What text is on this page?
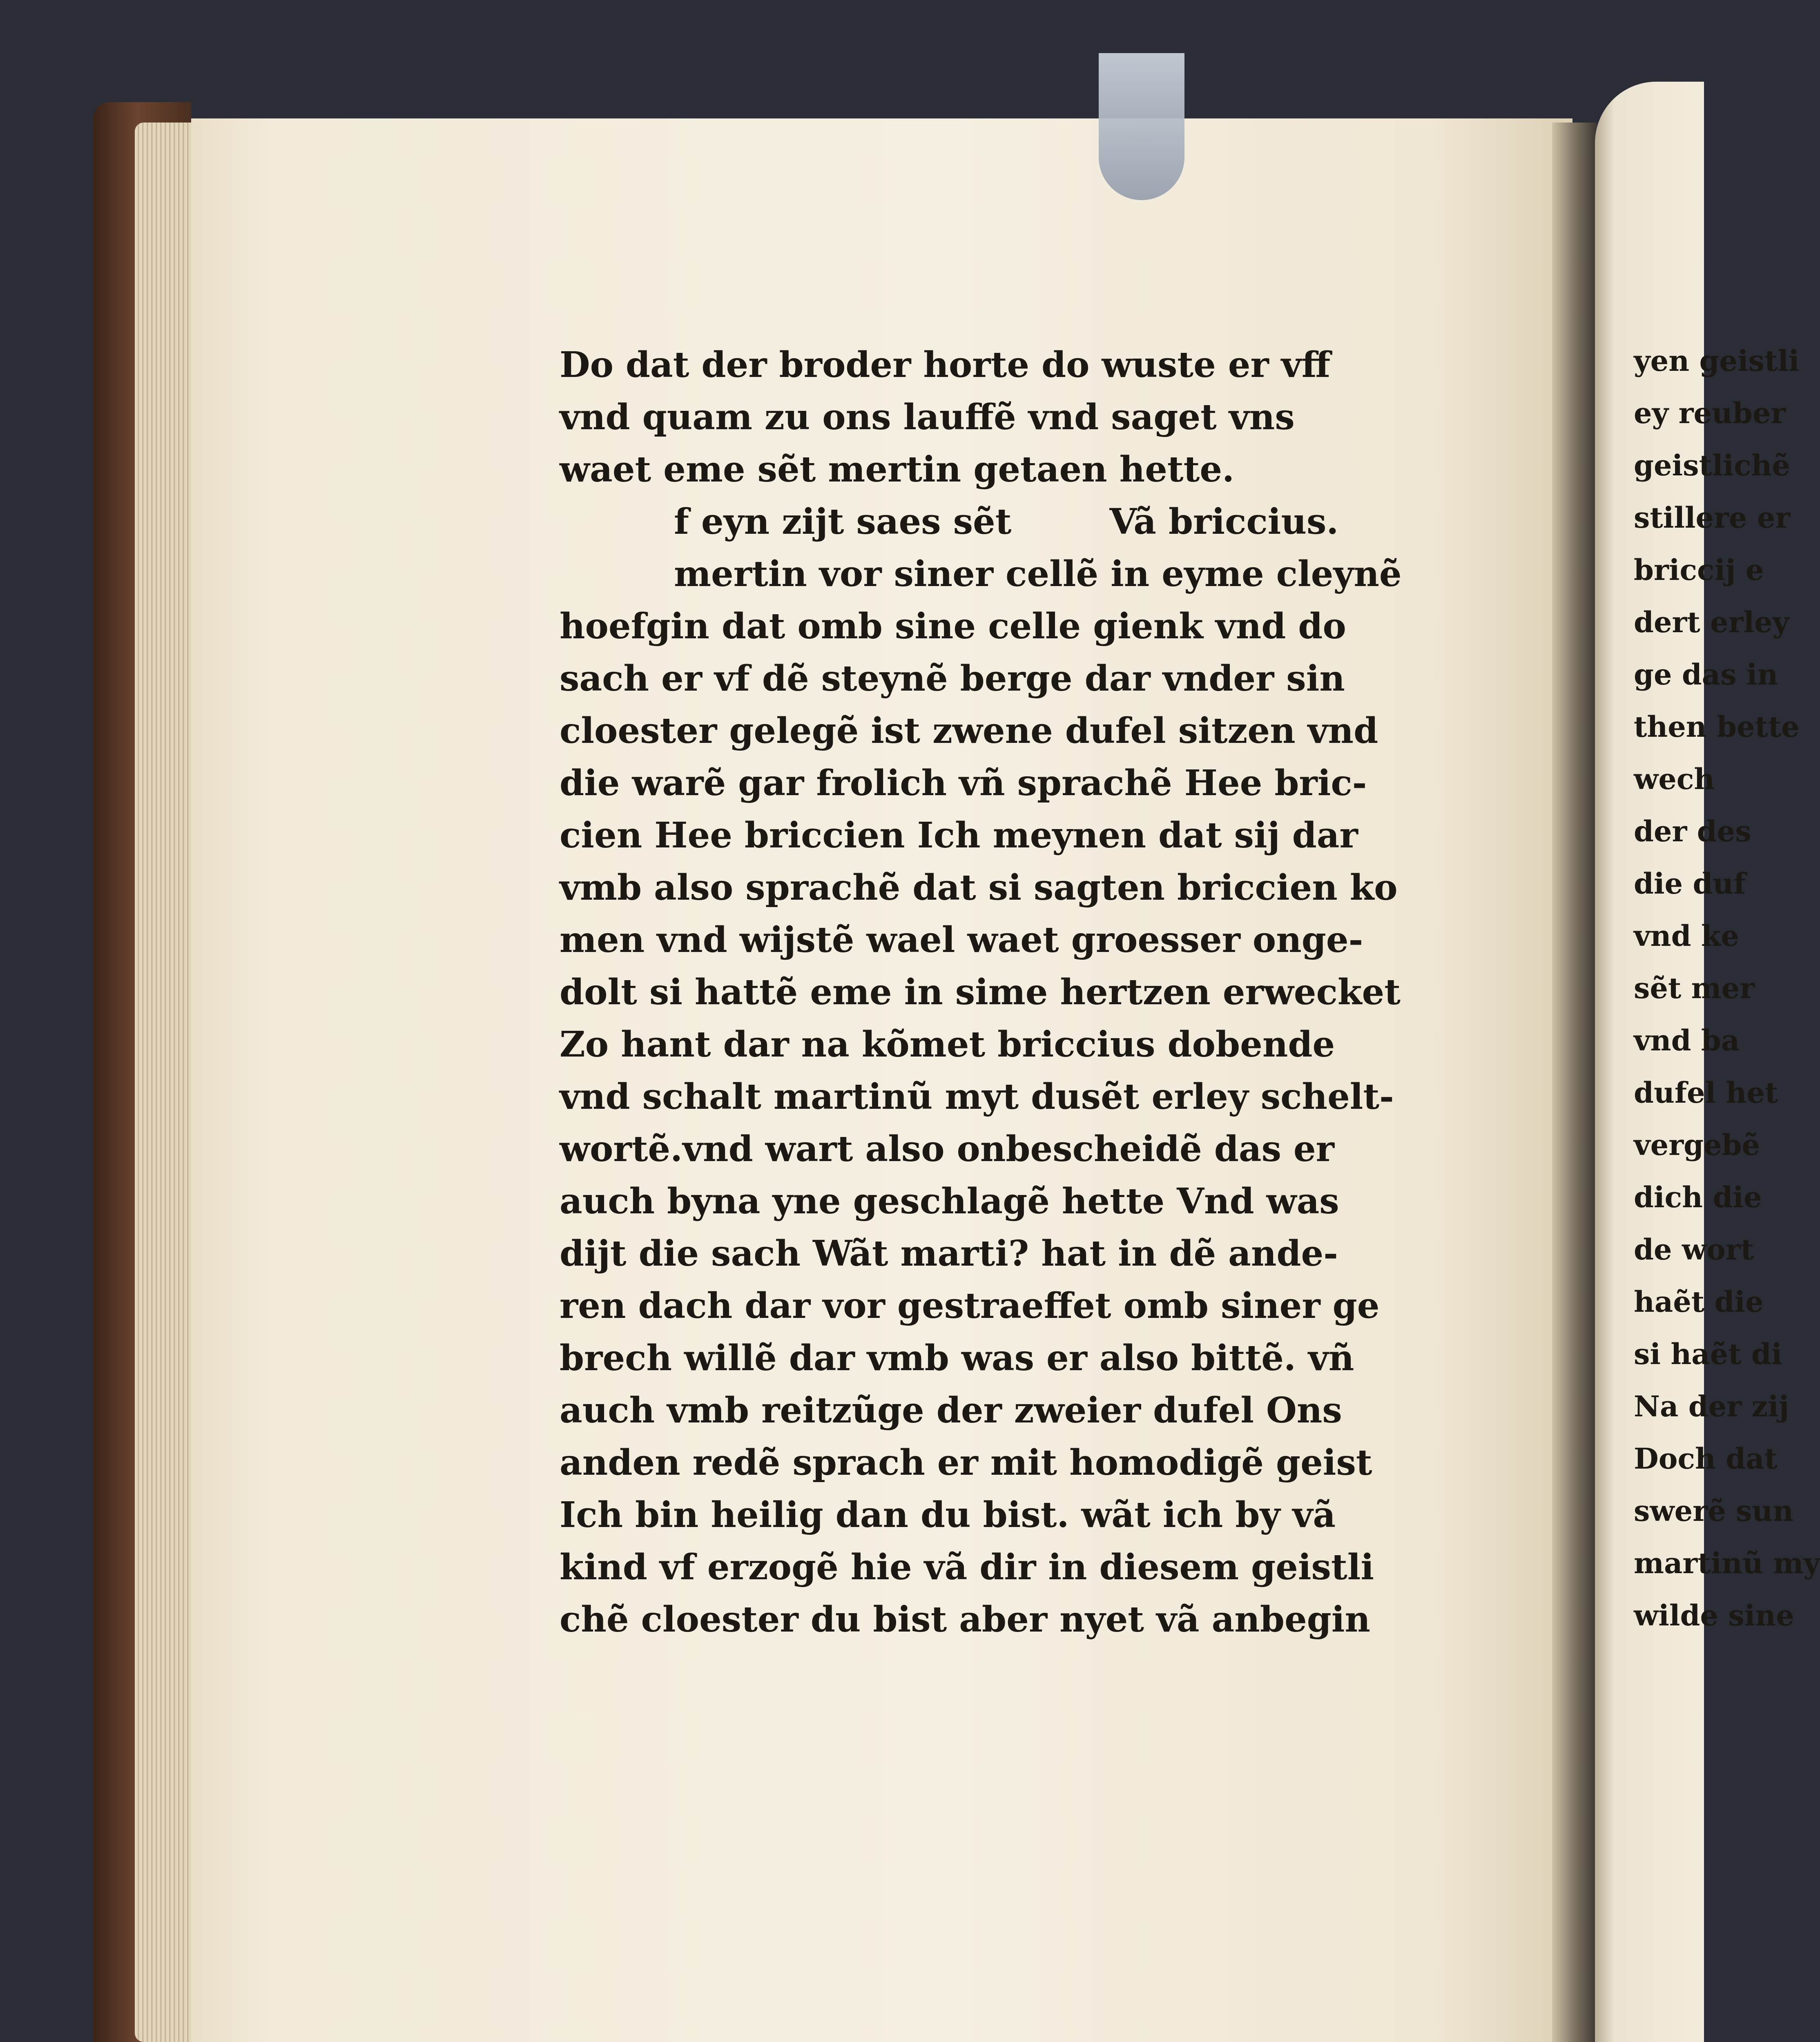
Do dat der broder horte do wuste er vff
vnd quam zu ons lauffẽ vnd saget vns
waet eme sẽt mertin getaen hette.
f eyn zijt saes sẽt	Vã briccius.
mertin vor siner cellẽ in eyme cleynẽ
hoefgin dat omb sine celle gienk vnd do
sach er vf dẽ steynẽ berge dar vnder sin
cloester gelegẽ ist zwene dufel sitzen vnd
die warẽ gar frolich vñ sprachẽ Hee bric-
cien Hee briccien Ich meynen dat sij dar
vmb also sprachẽ dat si sagten briccien ko
men vnd wijstẽ wael waet groesser onge-
dolt si hattẽ eme in sime hertzen erwecket
Zo hant dar na kõmet briccius dobende
vnd schalt martinũ myt dusẽt erley schelt-
wortẽ.vnd wart also onbescheidẽ das er
auch bynа yne geschlagẽ hette Vnd was
dijt die sach Wãt marti? hat in dẽ ande-
ren dach dar vor gestraeffet omb siner ge
brech willẽ dar vmb was er also bittẽ. vñ
auch vmb reitzũge der zweier dufel Ons
anden redẽ sprach er mit homodigẽ geist
Ich bin heilig dan du bist. wãt ich by vã
kind vf erzogẽ hie vã dir in diesem geistli
chẽ cloester du bist aber nyet vã anbegin
yen geistli
ey reuber
geistlichẽ
stillere er
briccij e
dert erley
ge das in
then bette
wech
der des
die duf
vnd ke
sẽt mer
vnd ba
dufel het
vergebẽ
dich die
de wort
haẽt die
si haẽt di
Na der zij
Doch dat
swerẽ sun
martinũ my
wilde sine
